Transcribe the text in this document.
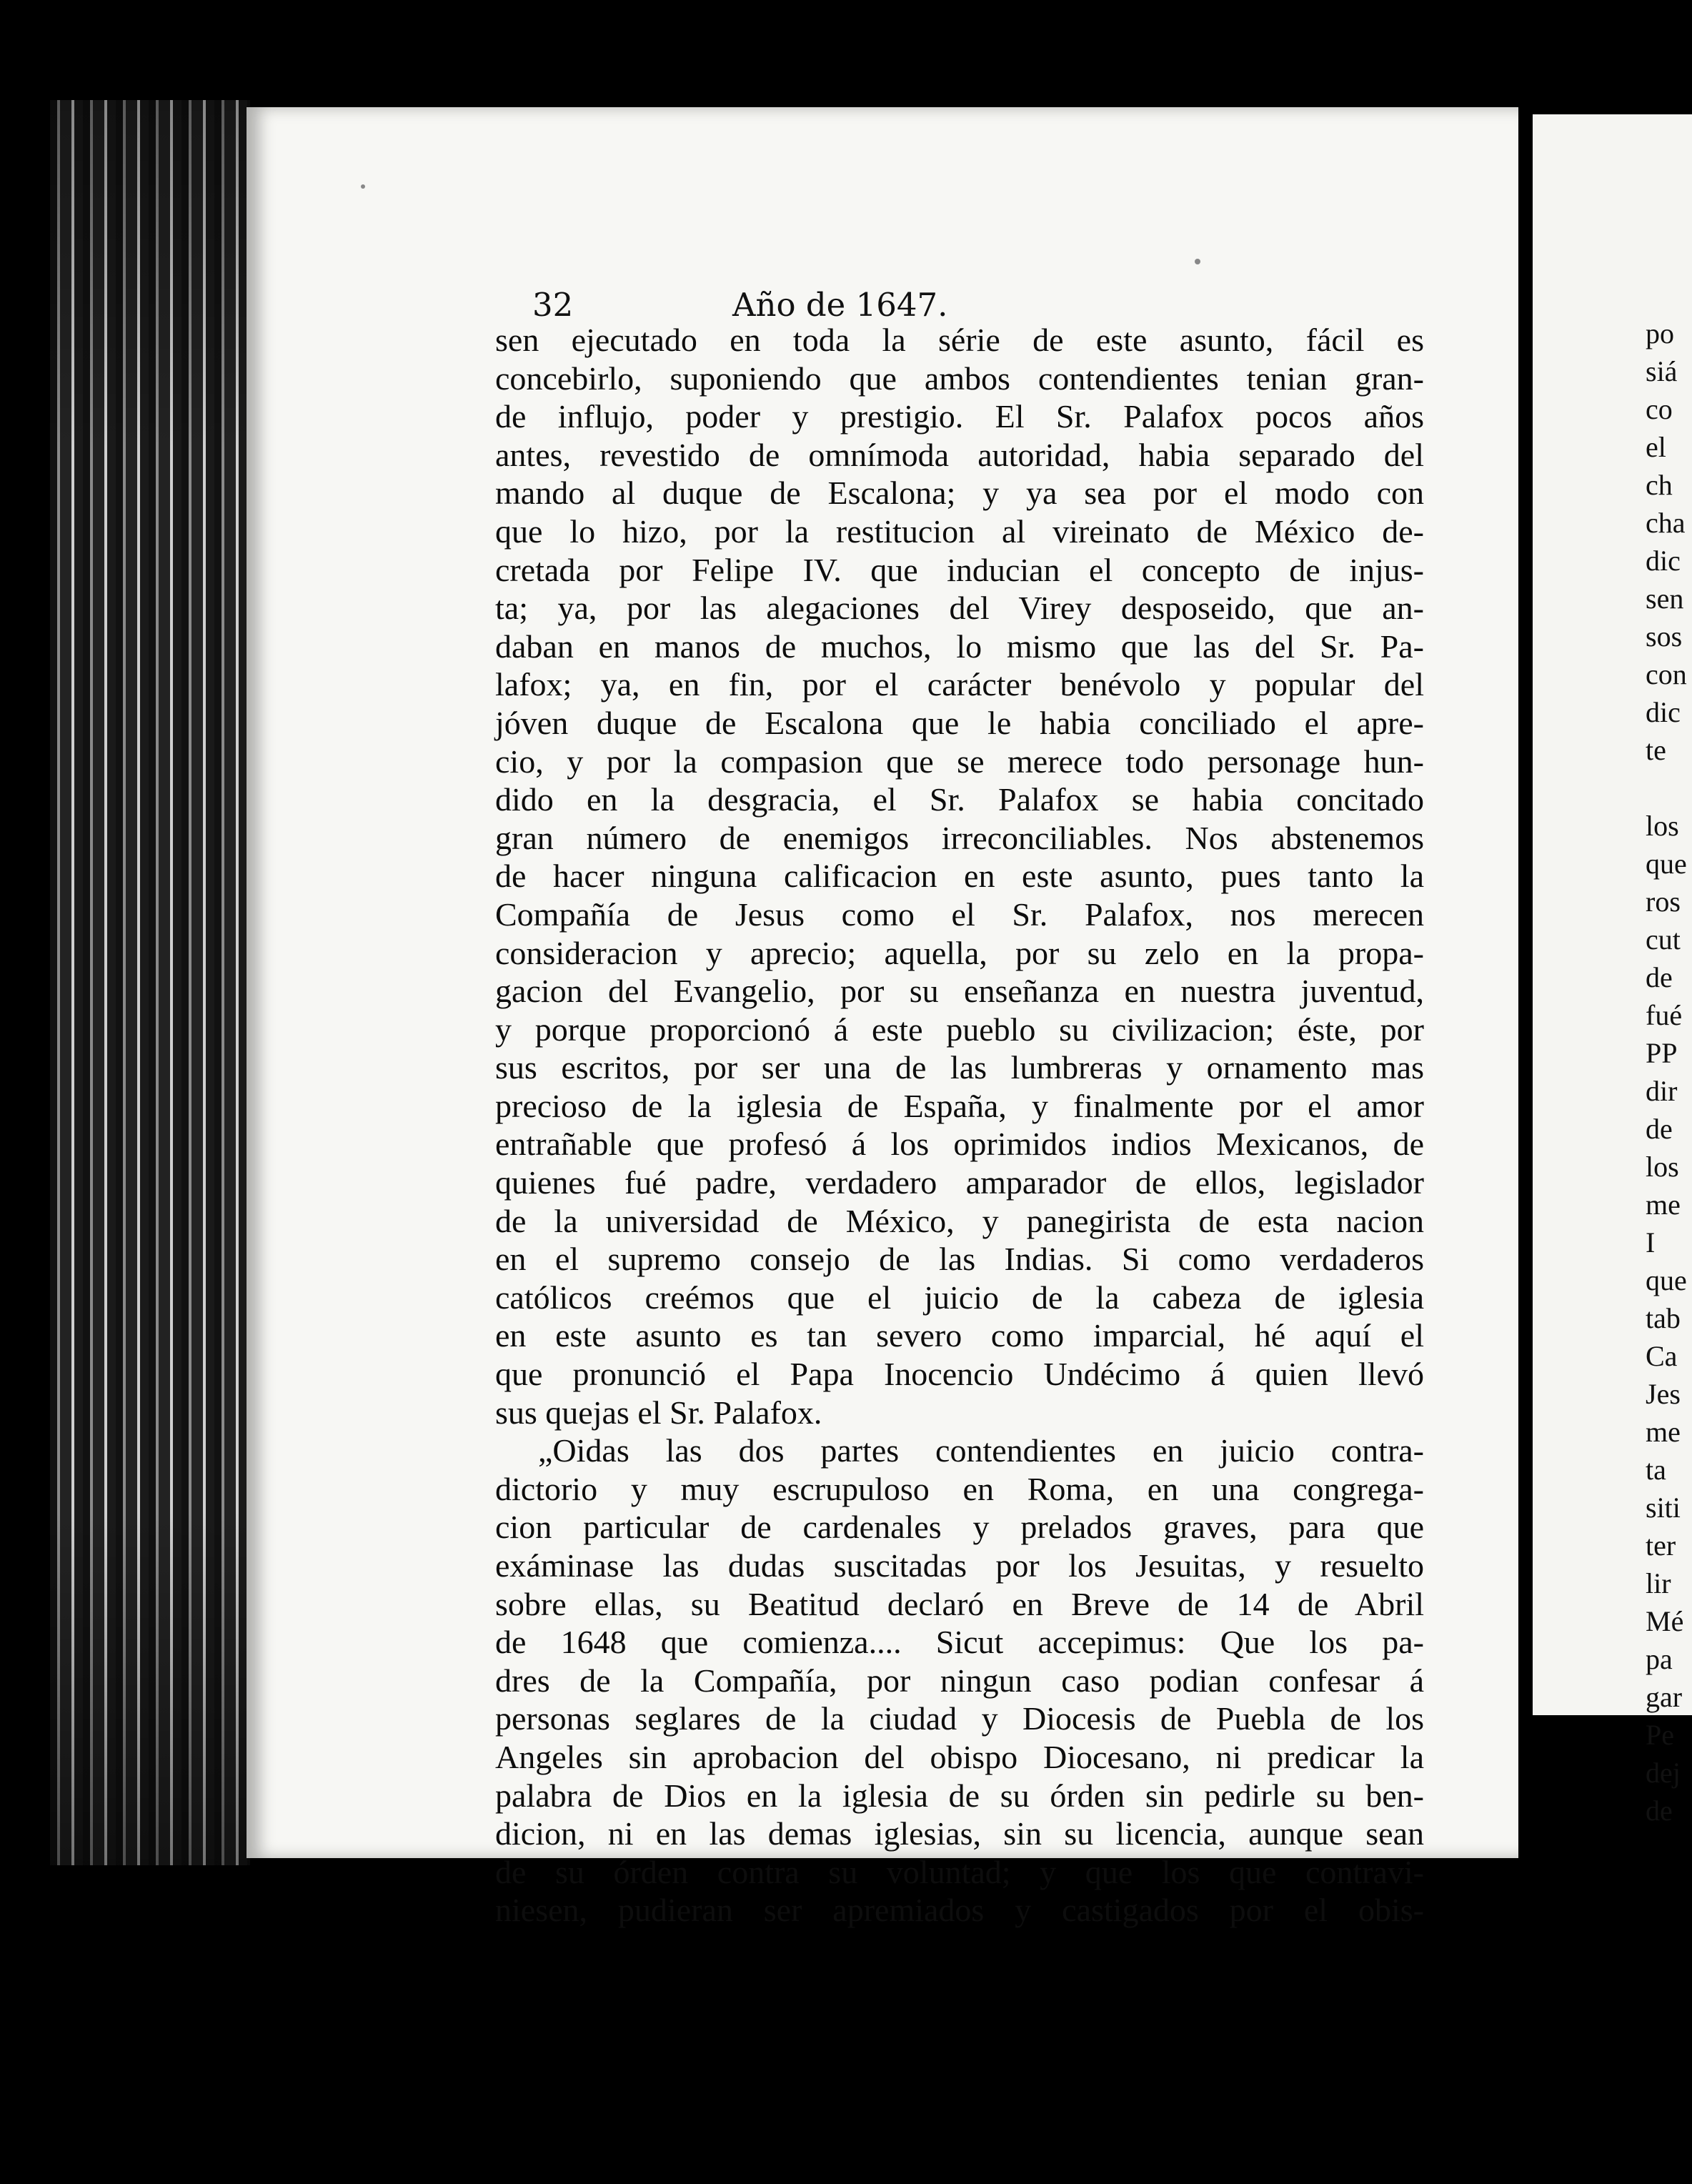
32	Año de 1647.
sen ejecutado en toda la série de este asunto, fácil es
concebirlo, suponiendo que ambos contendientes tenian gran-
de influjo, poder y prestigio. El Sr. Palafox pocos años
antes, revestido de omnímoda autoridad, habia separado del
mando al duque de Escalona; y ya sea por el modo con
que lo hizo, por la restitucion al vireinato de México de-
cretada por Felipe IV. que inducian el concepto de injus-
ta; ya, por las alegaciones del Virey desposeido, que an-
daban en manos de muchos, lo mismo que las del Sr. Pa-
lafox; ya, en fin, por el carácter benévolo y popular del
jóven duque de Escalona que le habia conciliado el apre-
cio, y por la compasion que se merece todo personage hun-
dido en la desgracia, el Sr. Palafox se habia concitado
gran número de enemigos irreconciliables. Nos abstenemos
de hacer ninguna calificacion en este asunto, pues tanto la
Compañía de Jesus como el Sr. Palafox, nos merecen
consideracion y aprecio; aquella, por su zelo en la propa-
gacion del Evangelio, por su enseñanza en nuestra juventud,
y porque proporcionó á este pueblo su civilizacion; éste, por
sus escritos, por ser una de las lumbreras y ornamento mas
precioso de la iglesia de España, y finalmente por el amor
entrañable que profesó á los oprimidos indios Mexicanos, de
quienes fué padre, verdadero amparador de ellos, legislador
de la universidad de México, y panegirista de esta nacion
en el supremo consejo de las Indias. Si como verdaderos
católicos creémos que el juicio de la cabeza de iglesia
en este asunto es tan severo como imparcial, hé aquí el
que pronunció el Papa Inocencio Undécimo á quien llevó
sus quejas el Sr. Palafox.
„Oidas las dos partes contendientes en juicio contra-
dictorio y muy escrupuloso en Roma, en una congrega-
cion particular de cardenales y prelados graves, para que
exáminase las dudas suscitadas por los Jesuitas, y resuelto
sobre ellas, su Beatitud declaró en Breve de 14 de Abril
de 1648 que comienza.... Sicut accepimus: Que los pa-
dres de la Compañía, por ningun caso podian confesar á
personas seglares de la ciudad y Diocesis de Puebla de los
Angeles sin aprobacion del obispo Diocesano, ni predicar la
palabra de Dios en la iglesia de su órden sin pedirle su ben-
dicion, ni en las demas iglesias, sin su licencia, aunque sean
de su órden contra su voluntad; y que los que contravi-
niesen, pudieran ser apremiados y castigados por el obis-
po
siá
co
el
ch
cha
dic
sen
sos
con
dic
te
los
que
ros
cut
de
fué
PP
dir
de
los
me
I
que
tab
Ca
Jes
me
ta
siti
ter
lir
Mé
pa
gar
Pe
dej
de
